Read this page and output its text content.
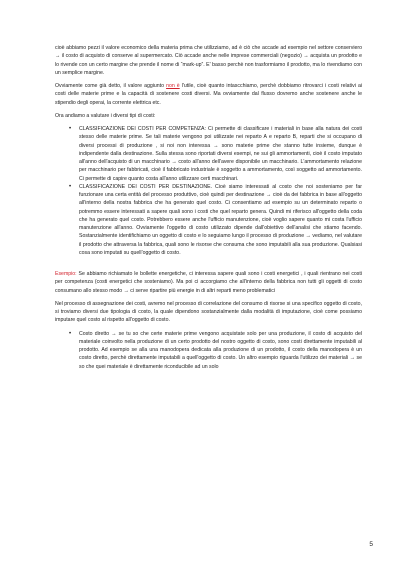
cioè abbiamo pezzi il valore economico della materia prima che utilizziamo, ad è ciò che accade ad esempio nel settore conserviero → il costo di acquisto di conserve al supermercato. Ciò accade anche nelle imprese commerciali (negozio) → acquista un prodotto e lo rivende con un certo margine che prende il nome di “mark-up”. E' basso perchè non trasformiamo il prodotto, ma lo rivendiamo con un semplice margine.

Ovviamente come già detto, il valore aggiunto non è l'utile, cioè quanto intascchiamo, perchè dobbiamo ritrovarci i costi relativi ai costi delle materie prime e la capacità di sostenere costi diversi. Ma ovviamente dal flusso dovremo anche sostenere anche le stipendio degli operai, la corrente elettrica etc.

Ora andiamo a valutare i diversi tipi di costi:

• CLASSIFICAZIONE DEI COSTI PER COMPETENZA: Ci permette di classificare i materiali in base alla natura dei costi stesso delle materie prime. Se tali materie vengono poi utilizzate nei reparto A e reparto B, reparti che si occupano di diversi processi di produzione , si noi non interessa → sono materie prime che stanno tutte insieme, dunque è indipendente dalla destinazione. Sulla stessa sono riportati diversi esempi, ne sui gli ammortamenti, cioè il costo imputato all'anno dell'acquisto di un macchinario → costo all'anno dell'avere disponibile un macchinario. L'ammortamento relazione per macchinario per fabbricati, cioè il fabbricato industriale è soggetto a ammortamento, così soggetto ad ammortamento. Ci permette di capire quanto costa all'anno utilizzare certi macchinari.
• CLASSIFICAZIONE DEI COSTI PER DESTINAZIONE. Cioè siamo interessati al costo che noi sosteniamo per far funzionare una certa entità del processo produttivo, cioè quindi per destinazione → cioè da dei fabbrica in base all'oggetto all'interno della nostra fabbrica che ha generato quel costo. Ci consentiamo ad esempio su un determinato reparto o potremmo essere interessati a sapere quali sono i costi che quel reparto genera. Quindi mi riferisco all'oggetto della coda che ha generato quel costo. Potrebbero essere anche l'ufficio manutenzione, cioè voglio sapere quanto mi costa l'ufficio manutenzione all'anno. Ovviamente l'oggetto di costo utilizzato dipende dall'obiettivo dell'analisi che stiamo facendo. Sostanzialmente identifichiamo un oggetto di costo e lo seguiamo lungo il processo di produzione → vediamo, nel valutare il prodotto che attraversa la fabbrica, quali sono le risorse che consuma che sono imputabili alla sua produzione. Qualsiasi cosa sono imputati su quell'oggetto di costo.

Esempio: Se abbiamo richiamato le bollette energetiche, ci interessa sapere quali sono i costi energetici , i quali rientrano nei costi per competenza (costi energetici che sosteniamo). Ma poi ci accorgiamo che all'interno della fabbrica non tutti gli oggetti di costo consumano allo stesso modo → ci serve ripartire più energie in di altri reparti meno problematici

Nel processo di assegnazione dei costi, avremo nel processo di correlazione del consumo di risorse si una specifico oggetto di costo, si troviamo diversi due tipologia di costo, la quale dipendono sostanzialmente dalla modalità di imputazione, cioè come possiamo imputare quel costo al rispetto all'oggetto di costo.

• Costo diretto → se tu so che certe materie prime vengono acquistate solo per una produzione, il costo di acquisto del materiale coinvolto nella produzione di un certo prodotto del nostro oggetto di costo, sono costi direttamente imputabili al prodotto. Ad esempio se alla una manodopera dedicata alla produzione di un prodotto, il costo della manodopera è un costo diretto, perchè direttamente imputabili a quell'oggetto di costo. Un altro esempio riguarda l'utilizzo dei materiali → se so che quei materiale è direttamente riconducibile ad un solo
5
